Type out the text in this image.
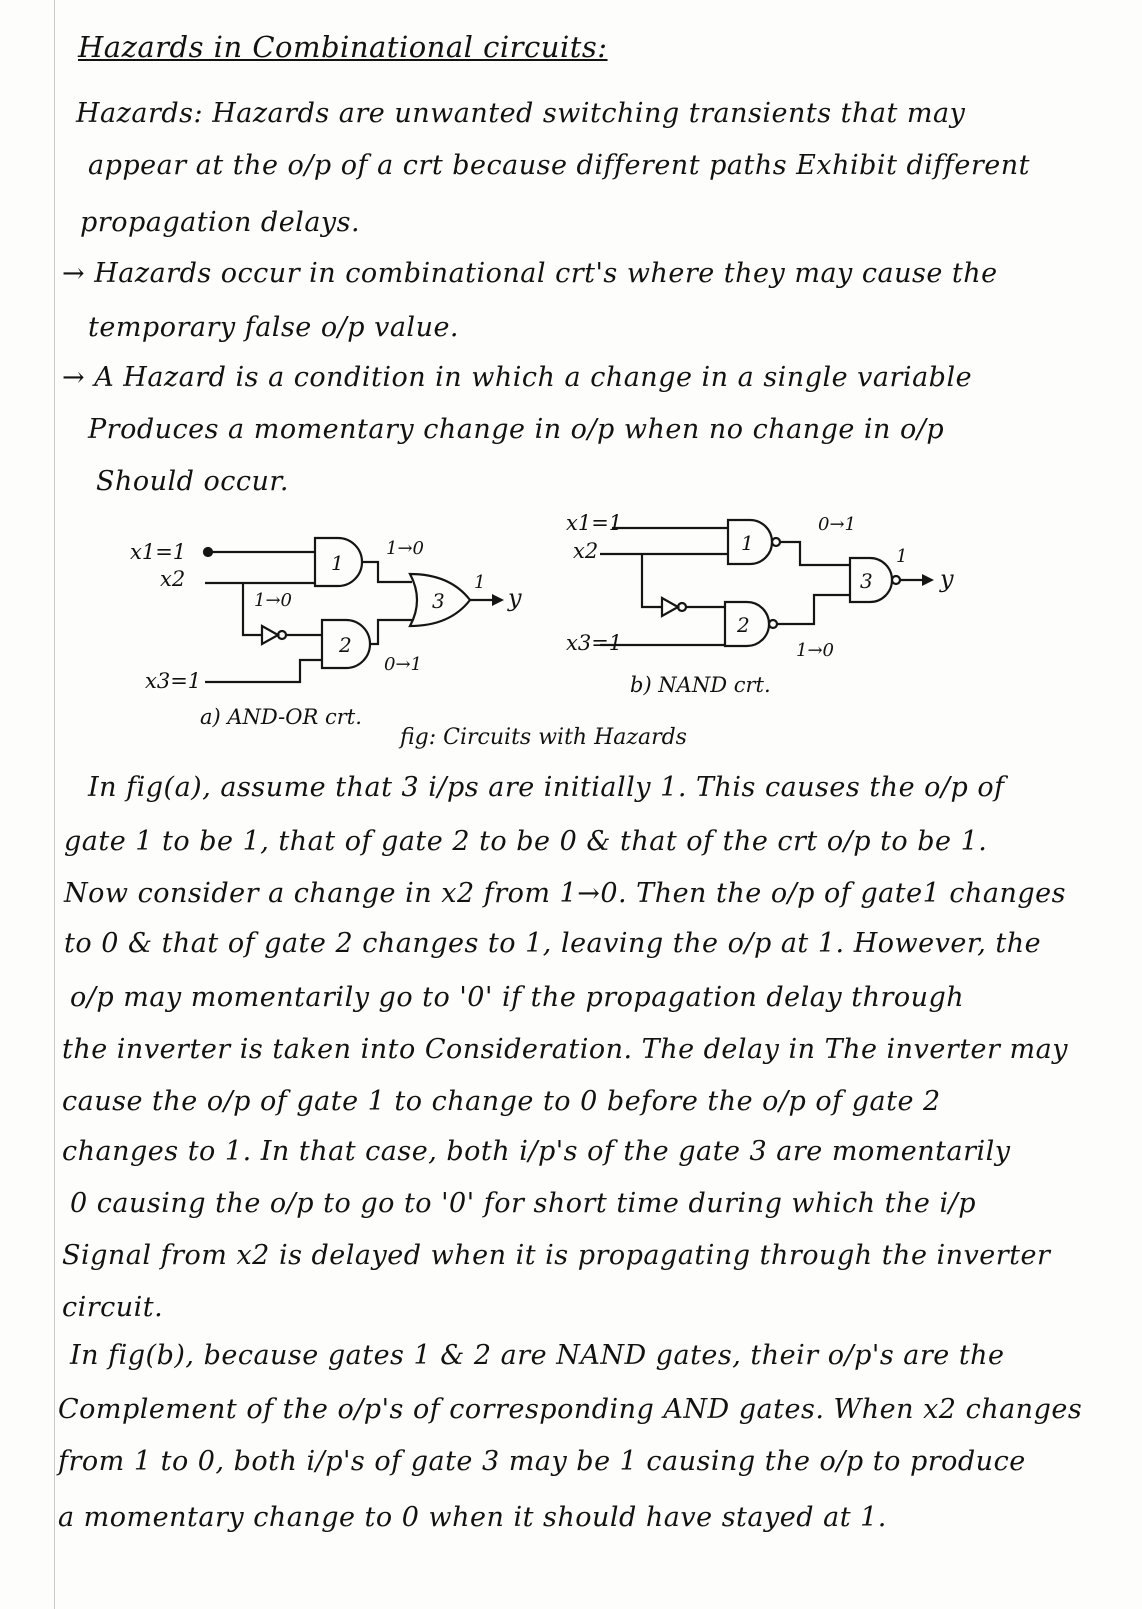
Hazards in Combinational circuits:
Hazards: Hazards are unwanted switching transients that may
appear at the o/p of a crt because different paths Exhibit different
propagation delays.
→ Hazards occur in combinational crt's where they may cause the
temporary false o/p value.
→ A Hazard is a condition in which a change in a single variable
Produces a momentary change in o/p when no change in o/p
Should occur.
x1=1
x2
x3=1
1→0
1
2
3
1→0
0→1
1
y
a) AND-OR crt.
x1=1
x2
x3=1
1
2
3
0→1
1→0
1
y
b) NAND crt.
fig: Circuits with Hazards
In fig(a), assume that 3 i/ps are initially 1. This causes the o/p of
gate 1 to be 1, that of gate 2 to be 0 & that of the crt o/p to be 1.
Now consider a change in x2 from 1→0. Then the o/p of gate1 changes
to 0 & that of gate 2 changes to 1, leaving the o/p at 1. However, the
o/p may momentarily go to '0' if the propagation delay through
the inverter is taken into Consideration. The delay in The inverter may
cause the o/p of gate 1 to change to 0 before the o/p of gate 2
changes to 1. In that case, both i/p's of the gate 3 are momentarily
0 causing the o/p to go to '0' for short time during which the i/p
Signal from x2 is delayed when it is propagating through the inverter
circuit.
In fig(b), because gates 1 & 2 are NAND gates, their o/p's are the
Complement of the o/p's of corresponding AND gates. When x2 changes
from 1 to 0, both i/p's of gate 3 may be 1 causing the o/p to produce
a momentary change to 0 when it should have stayed at 1.
